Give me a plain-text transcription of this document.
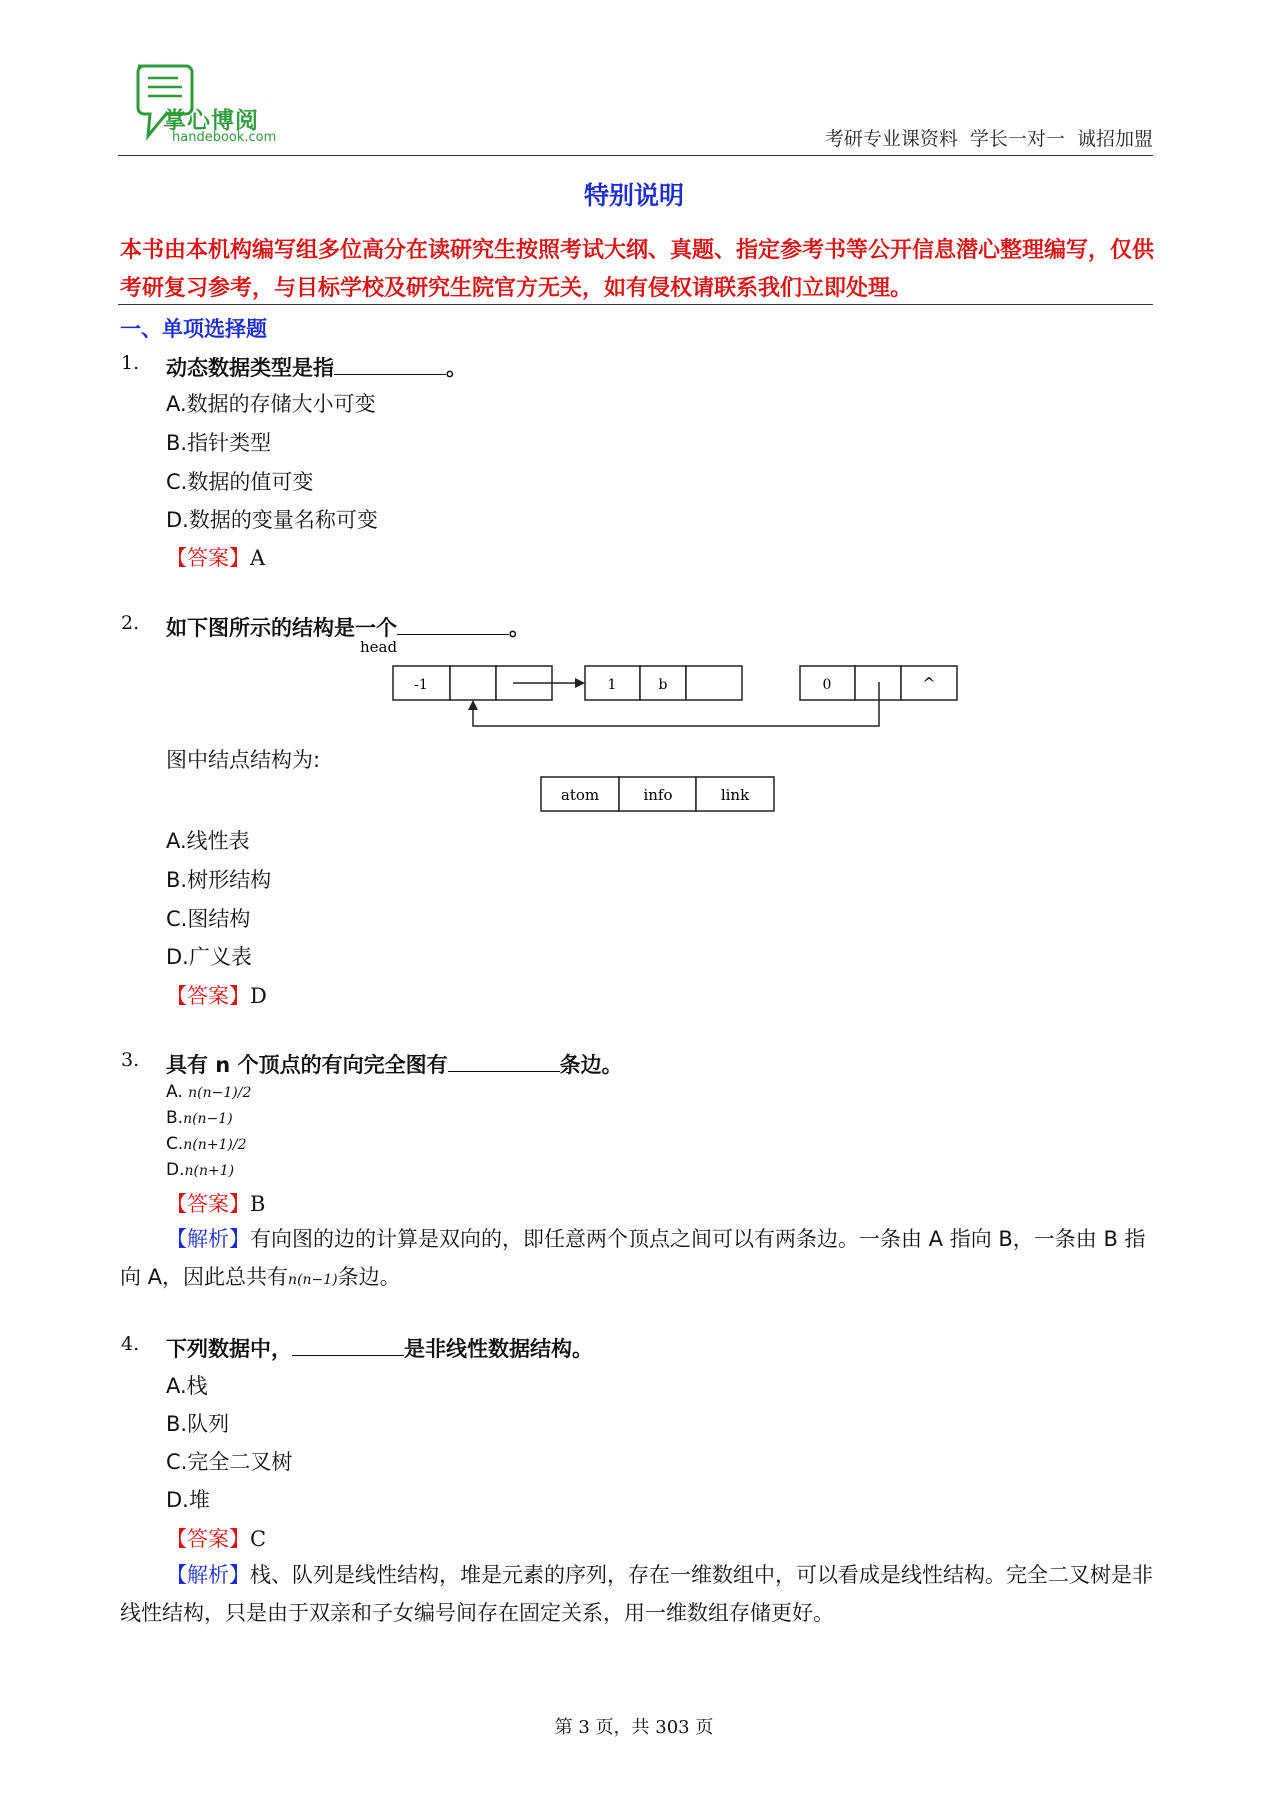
掌心博阅
handebook.com	考研专业课资料  学长一对一  诚招加盟
特别说明
本书由本机构编写组多位高分在读研究生按照考试大纲、真题、指定参考书等公开信息潜心整理编写，仅供考研复习参考，与目标学校及研究生院官方无关，如有侵权请联系我们立即处理。
一、单项选择题
1. 动态数据类型是指	。
A.数据的存储大小可变
B.指针类型
C.数据的值可变
D.数据的变量名称可变
【答案】A
2. 如下图所示的结构是一个	。
head
-1	1	b	0	^
图中结点结构为:
atom	info	link
A.线性表
B.树形结构
C.图结构
D.广义表
【答案】D
3. 具有 n 个顶点的有向完全图有	条边。
A. n(n−1)/2
B.n(n−1)
C.n(n+1)/2
D.n(n+1)
【答案】B
【解析】有向图的边的计算是双向的，即任意两个顶点之间可以有两条边。一条由 A 指向 B，一条由 B 指向 A，因此总共有n(n−1)条边。
4. 下列数据中，	是非线性数据结构。
A.栈
B.队列
C.完全二叉树
D.堆
【答案】C
【解析】栈、队列是线性结构，堆是元素的序列，存在一维数组中，可以看成是线性结构。完全二叉树是非线性结构，只是由于双亲和子女编号间存在固定关系，用一维数组存储更好。
第 3 页，共 303 页
